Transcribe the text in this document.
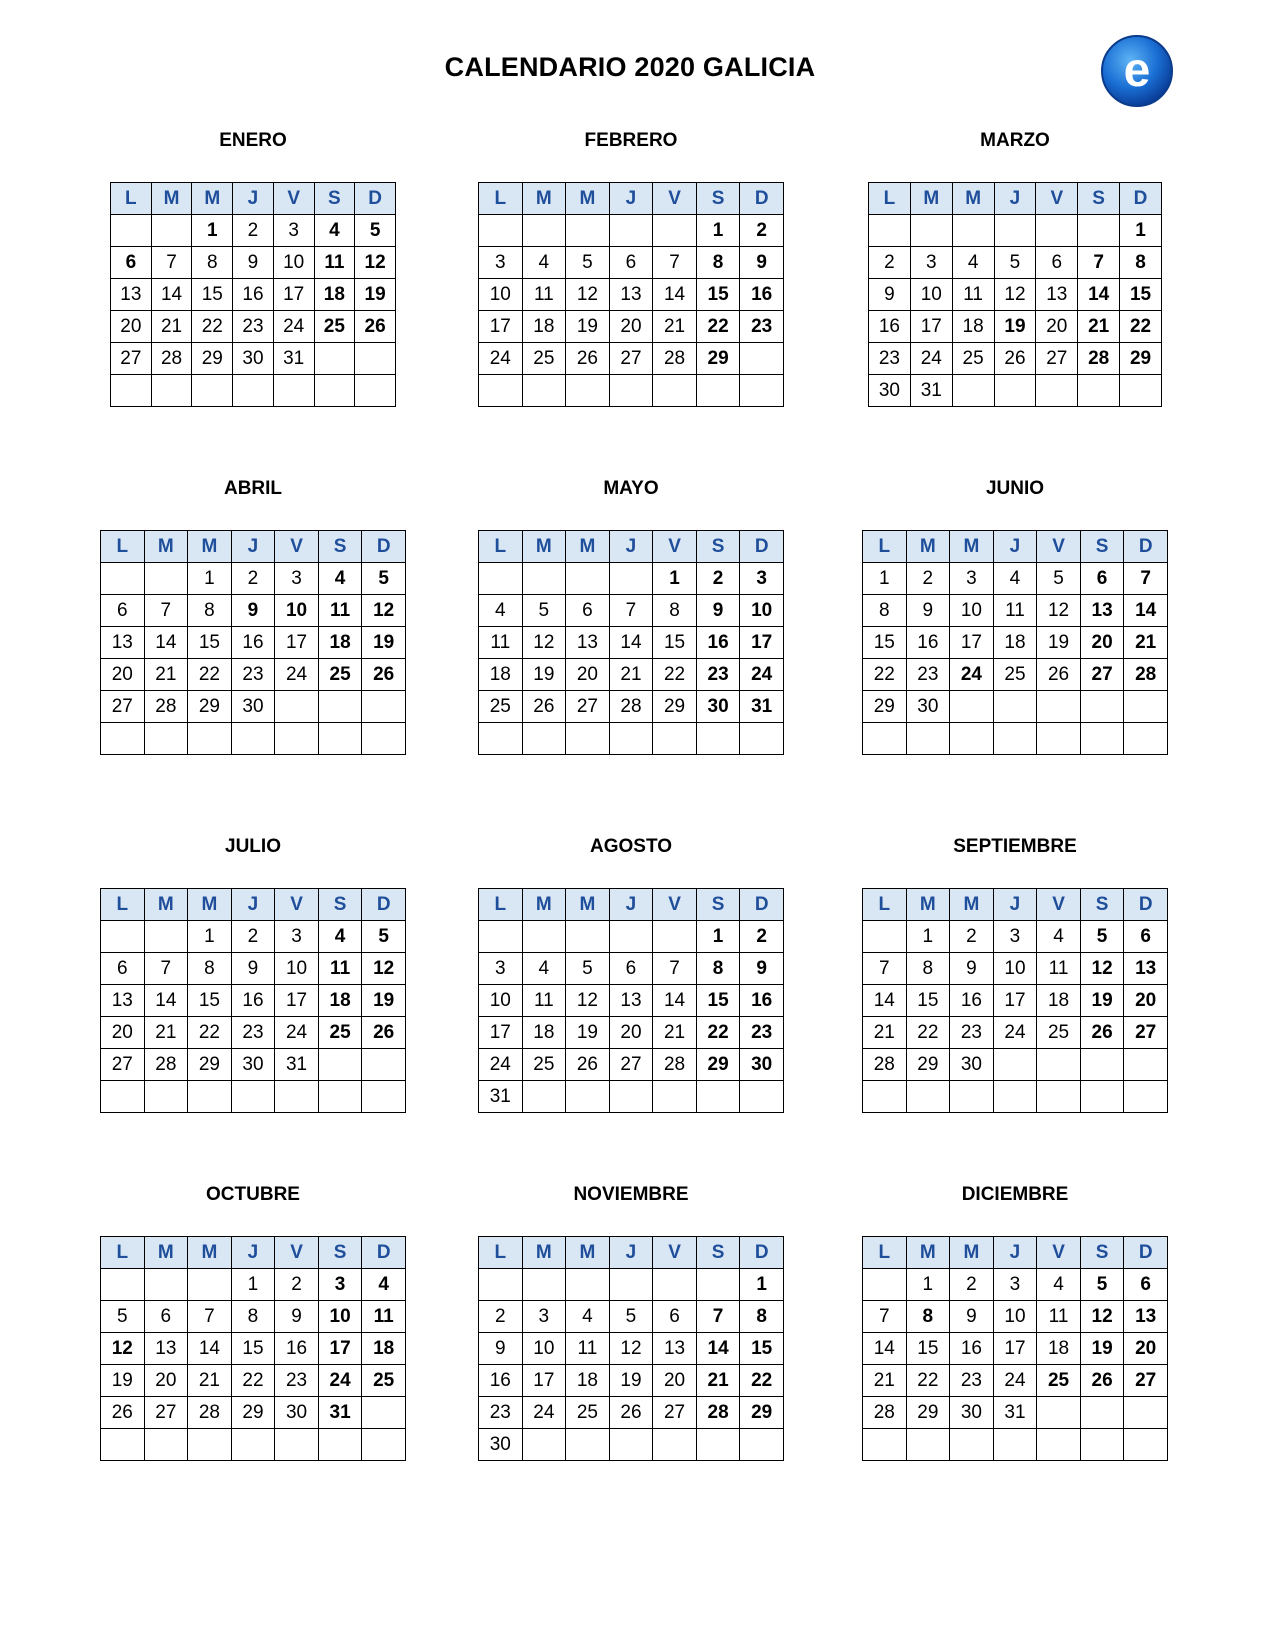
CALENDARIO 2020 GALICIA	e
ENERO
L	M	M	J	V	S	D
		1	2	3	4	5
6	7	8	9	10	11	12
13	14	15	16	17	18	19
20	21	22	23	24	25	26
27	28	29	30	31		

FEBRERO
L	M	M	J	V	S	D
					1	2
3	4	5	6	7	8	9
10	11	12	13	14	15	16
17	18	19	20	21	22	23
24	25	26	27	28	29	

MARZO
L	M	M	J	V	S	D
						1
2	3	4	5	6	7	8
9	10	11	12	13	14	15
16	17	18	19	20	21	22
23	24	25	26	27	28	29
30	31					
ABRIL
L	M	M	J	V	S	D
		1	2	3	4	5
6	7	8	9	10	11	12
13	14	15	16	17	18	19
20	21	22	23	24	25	26
27	28	29	30			

MAYO
L	M	M	J	V	S	D
				1	2	3
4	5	6	7	8	9	10
11	12	13	14	15	16	17
18	19	20	21	22	23	24
25	26	27	28	29	30	31

JUNIO
L	M	M	J	V	S	D
1	2	3	4	5	6	7
8	9	10	11	12	13	14
15	16	17	18	19	20	21
22	23	24	25	26	27	28
29	30					

JULIO
L	M	M	J	V	S	D
		1	2	3	4	5
6	7	8	9	10	11	12
13	14	15	16	17	18	19
20	21	22	23	24	25	26
27	28	29	30	31		

AGOSTO
L	M	M	J	V	S	D
					1	2
3	4	5	6	7	8	9
10	11	12	13	14	15	16
17	18	19	20	21	22	23
24	25	26	27	28	29	30
31						
SEPTIEMBRE
L	M	M	J	V	S	D
	1	2	3	4	5	6
7	8	9	10	11	12	13
14	15	16	17	18	19	20
21	22	23	24	25	26	27
28	29	30				

OCTUBRE
L	M	M	J	V	S	D
			1	2	3	4
5	6	7	8	9	10	11
12	13	14	15	16	17	18
19	20	21	22	23	24	25
26	27	28	29	30	31	

NOVIEMBRE
L	M	M	J	V	S	D
						1
2	3	4	5	6	7	8
9	10	11	12	13	14	15
16	17	18	19	20	21	22
23	24	25	26	27	28	29
30						
DICIEMBRE
L	M	M	J	V	S	D
	1	2	3	4	5	6
7	8	9	10	11	12	13
14	15	16	17	18	19	20
21	22	23	24	25	26	27
28	29	30	31			
